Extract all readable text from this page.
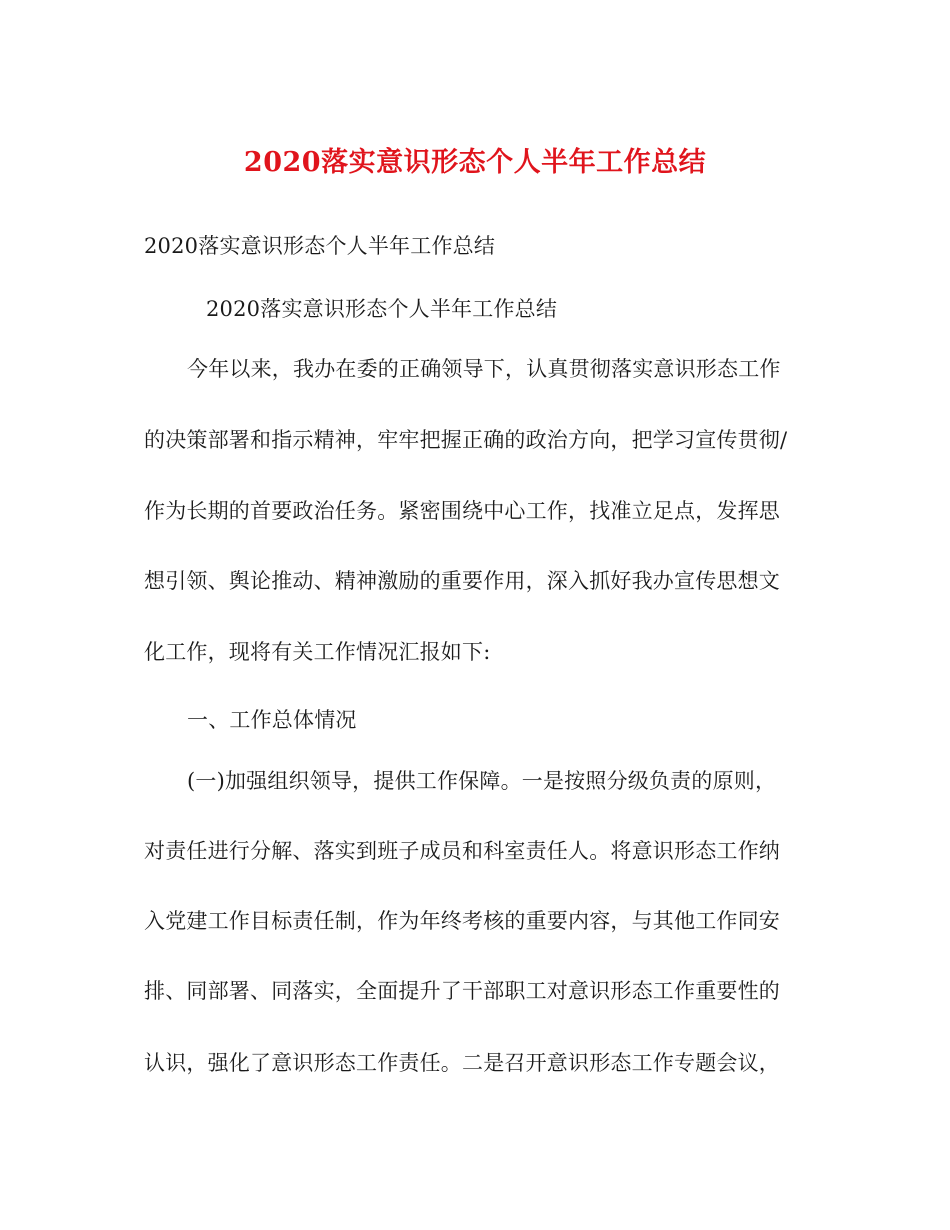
2020落实意识形态个人半年工作总结
2020落实意识形态个人半年工作总结
2020落实意识形态个人半年工作总结
今年以来，我办在委的正确领导下，认真贯彻落实意识形态工作
的决策部署和指示精神，牢牢把握正确的政治方向，把学习宣传贯彻/
作为长期的首要政治任务。紧密围绕中心工作，找准立足点，发挥思
想引领、舆论推动、精神激励的重要作用，深入抓好我办宣传思想文
化工作，现将有关工作情况汇报如下:
一、工作总体情况
(一)加强组织领导，提供工作保障。一是按照分级负责的原则，
对责任进行分解、落实到班子成员和科室责任人。将意识形态工作纳
入党建工作目标责任制，作为年终考核的重要内容，与其他工作同安
排、同部署、同落实，全面提升了干部职工对意识形态工作重要性的
认识，强化了意识形态工作责任。二是召开意识形态工作专题会议，
